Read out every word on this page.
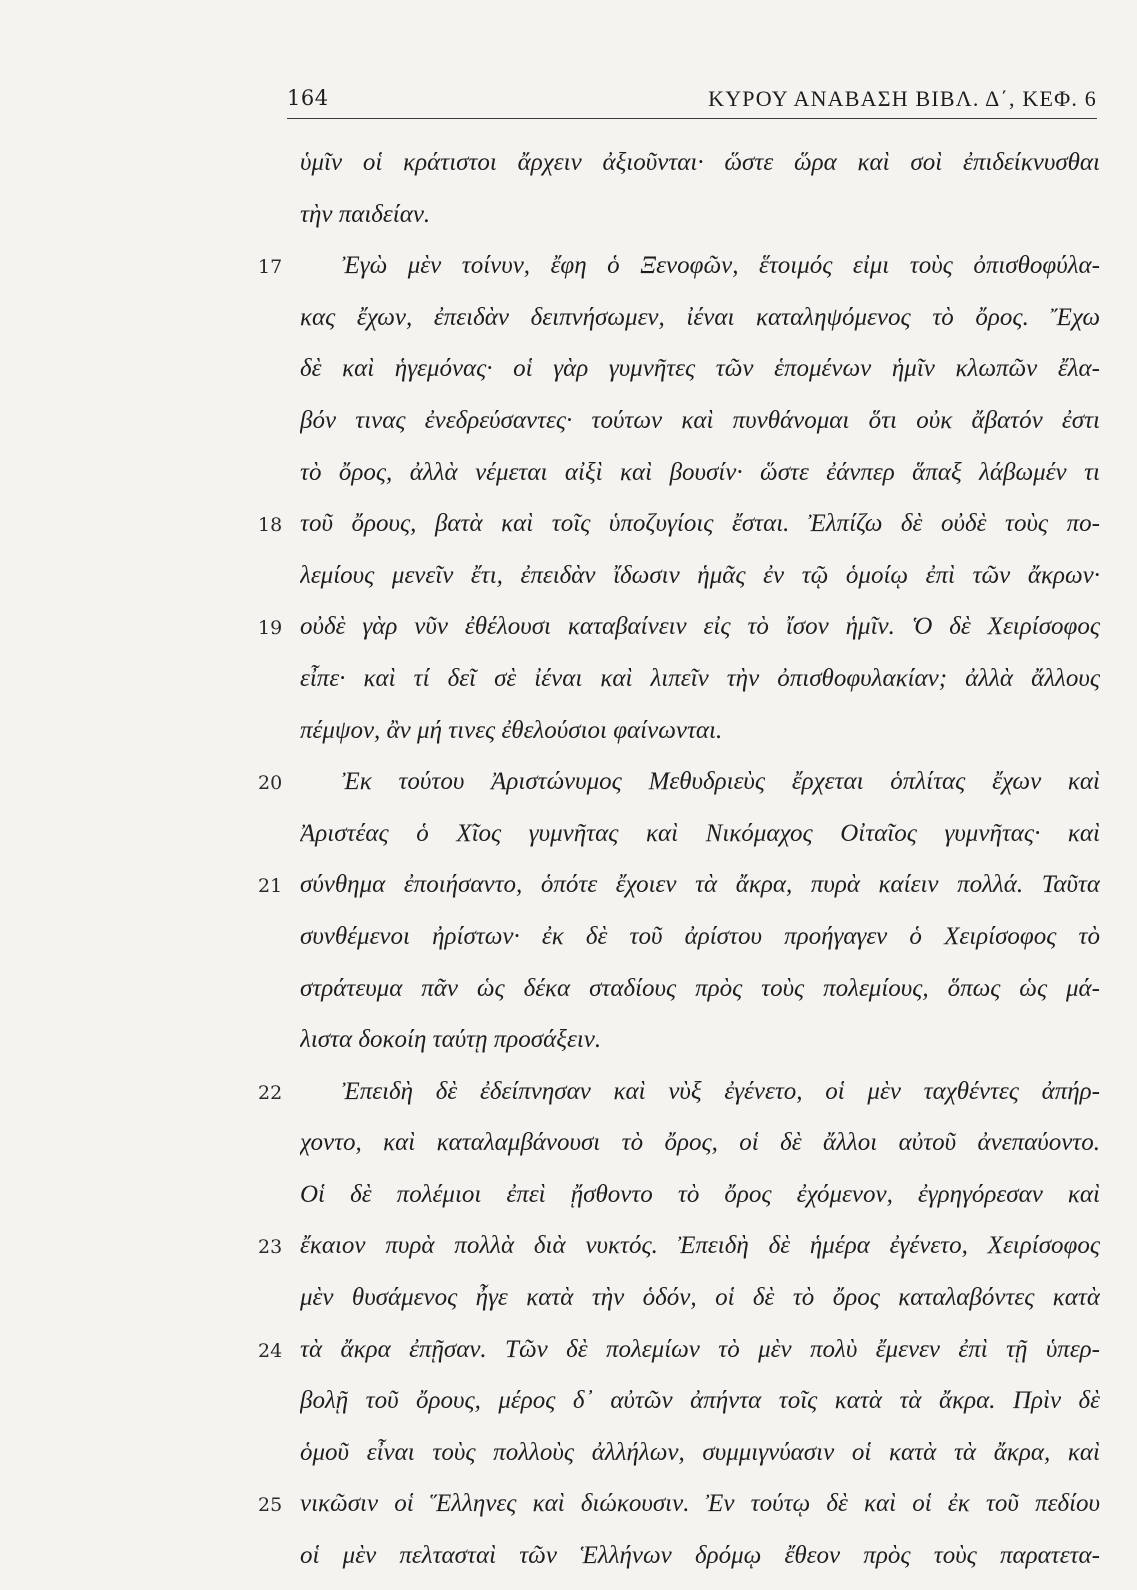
164	ΚΥΡΟΥ ΑΝΑΒΑΣΗ ΒΙΒΛ. Δ΄, ΚΕΦ. 6
ὑμῖν οἱ κράτιστοι ἄρχειν ἀξιοῦνται· ὥστε ὥρα καὶ σοὶ ἐπιδείκνυσθαι
τὴν παιδείαν.
17	Ἐγὼ μὲν τοίνυν, ἔφη ὁ Ξενοφῶν, ἕτοιμός εἰμι τοὺς ὀπισθοφύλα-
κας ἔχων, ἐπειδὰν δειπνήσωμεν, ἰέναι καταληψόμενος τὸ ὄρος. Ἔχω
δὲ καὶ ἡγεμόνας· οἱ γὰρ γυμνῆτες τῶν ἑπομένων ἡμῖν κλωπῶν ἔλα-
βόν τινας ἐνεδρεύσαντες· τούτων καὶ πυνθάνομαι ὅτι οὐκ ἄβατόν ἐστι
τὸ ὄρος, ἀλλὰ νέμεται αἰξὶ καὶ βουσίν· ὥστε ἐάνπερ ἅπαξ λάβωμέν τι
18 τοῦ ὄρους, βατὰ καὶ τοῖς ὑποζυγίοις ἔσται. Ἐλπίζω δὲ οὐδὲ τοὺς πο-
λεμίους μενεῖν ἔτι, ἐπειδὰν ἴδωσιν ἡμᾶς ἐν τῷ ὁμοίῳ ἐπὶ τῶν ἄκρων·
19 οὐδὲ γὰρ νῦν ἐθέλουσι καταβαίνειν εἰς τὸ ἴσον ἡμῖν. Ὁ δὲ Χειρίσοφος
εἶπε· καὶ τί δεῖ σὲ ἰέναι καὶ λιπεῖν τὴν ὀπισθοφυλακίαν; ἀλλὰ ἄλλους
πέμψον, ἂν μή τινες ἐθελούσιοι φαίνωνται.
20	Ἐκ τούτου Ἀριστώνυμος Μεθυδριεὺς ἔρχεται ὁπλίτας ἔχων καὶ
Ἀριστέας ὁ Χῖος γυμνῆτας καὶ Νικόμαχος Οἰταῖος γυμνῆτας· καὶ
21 σύνθημα ἐποιήσαντο, ὁπότε ἔχοιεν τὰ ἄκρα, πυρὰ καίειν πολλά. Ταῦτα
συνθέμενοι ἠρίστων· ἐκ δὲ τοῦ ἀρίστου προήγαγεν ὁ Χειρίσοφος τὸ
στράτευμα πᾶν ὡς δέκα σταδίους πρὸς τοὺς πολεμίους, ὅπως ὡς μά-
λιστα δοκοίη ταύτῃ προσάξειν.
22	Ἐπειδὴ δὲ ἐδείπνησαν καὶ νὺξ ἐγένετο, οἱ μὲν ταχθέντες ἀπήρ-
χοντο, καὶ καταλαμβάνουσι τὸ ὄρος, οἱ δὲ ἄλλοι αὐτοῦ ἀνεπαύοντο.
Οἱ δὲ πολέμιοι ἐπεὶ ᾔσθοντο τὸ ὄρος ἐχόμενον, ἐγρηγόρεσαν καὶ
23 ἔκαιον πυρὰ πολλὰ διὰ νυκτός. Ἐπειδὴ δὲ ἡμέρα ἐγένετο, Χειρίσοφος
μὲν θυσάμενος ἦγε κατὰ τὴν ὁδόν, οἱ δὲ τὸ ὄρος καταλαβόντες κατὰ
24 τὰ ἄκρα ἐπῇσαν. Τῶν δὲ πολεμίων τὸ μὲν πολὺ ἔμενεν ἐπὶ τῇ ὑπερ-
βολῇ τοῦ ὄρους, μέρος δ᾽ αὐτῶν ἀπήντα τοῖς κατὰ τὰ ἄκρα. Πρὶν δὲ
ὁμοῦ εἶναι τοὺς πολλοὺς ἀλλήλων, συμμιγνύασιν οἱ κατὰ τὰ ἄκρα, καὶ
25 νικῶσιν οἱ Ἕλληνες καὶ διώκουσιν. Ἐν τούτῳ δὲ καὶ οἱ ἐκ τοῦ πεδίου
οἱ μὲν πελτασταὶ τῶν Ἑλλήνων δρόμῳ ἔθεον πρὸς τοὺς παρατετα-
